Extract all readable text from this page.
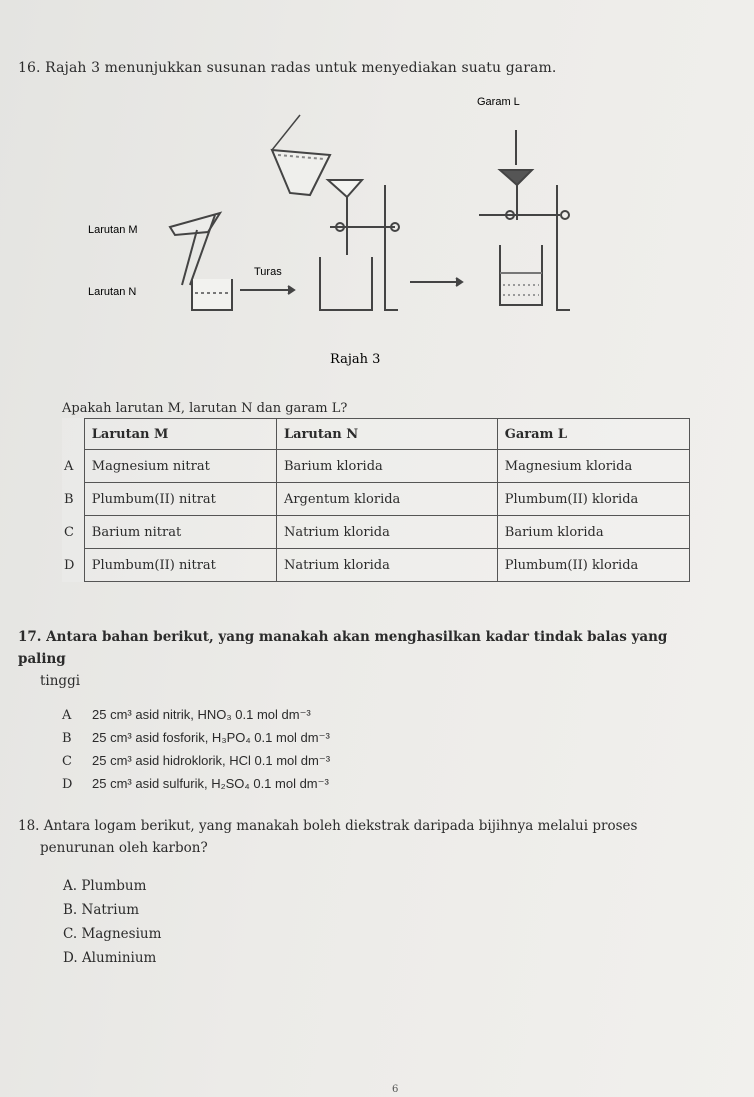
16. Rajah 3 menunjukkan susunan radas untuk menyediakan suatu garam.
Garam L
Larutan M
Larutan N
Turas
Rajah 3
Apakah larutan M, larutan N dan garam L?
	Larutan M	Larutan N	Garam L
A	Magnesium nitrat	Barium klorida	Magnesium klorida
B	Plumbum(II) nitrat	Argentum klorida	Plumbum(II) klorida
C	Barium nitrat	Natrium klorida	Barium klorida
D	Plumbum(II) nitrat	Natrium klorida	Plumbum(II) klorida
17. Antara bahan berikut, yang manakah akan menghasilkan kadar tindak balas yang paling
tinggi
A 25 cm³ asid nitrik, HNO₃ 0.1 mol dm⁻³
B 25 cm³ asid fosforik, H₃PO₄ 0.1 mol dm⁻³
C 25 cm³ asid hidroklorik, HCl 0.1 mol dm⁻³
D 25 cm³ asid sulfurik, H₂SO₄ 0.1 mol dm⁻³
18. Antara logam berikut, yang manakah boleh diekstrak daripada bijihnya melalui proses
penurunan oleh karbon?
A. Plumbum
B. Natrium
C. Magnesium
D. Aluminium
6
